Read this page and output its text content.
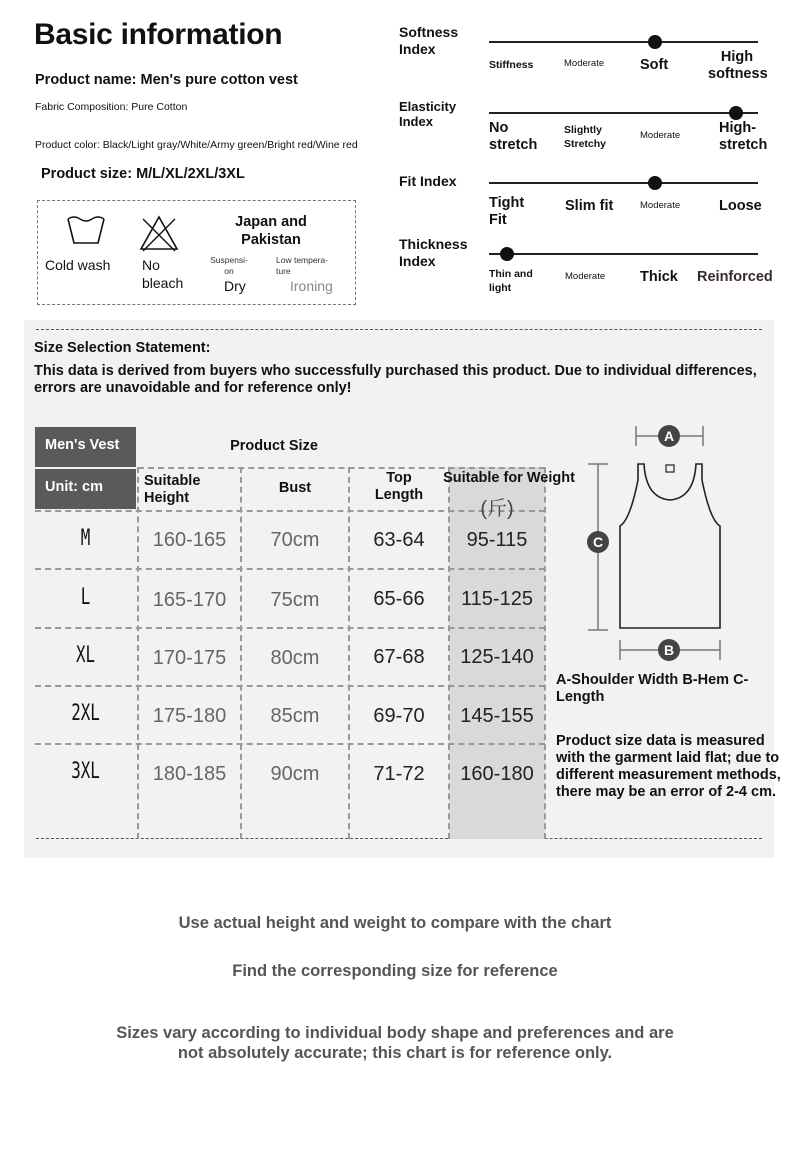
Basic information
Product name: Men's pure cotton vest
Fabric Composition: Pure Cotton
Product color: Black/Light gray/White/Army green/Bright red/Wine red
Product size: M/L/XL/2XL/3XL
Cold wash No
bleach
Japan and Pakistan
Suspensi-
on
Dry
Low tempera-
ture
Ironing
Softness
Index
Stiffness	Moderate Soft	High
softness
Elasticity
Index	No
stretch
Slightly
Stretchy
Moderate	High-
stretch
Fit Index
Tight
Fit
Slim fit	Moderate	Loose
Thickness
Index
Thin and
light
Moderate Thick Reinforced
Size Selection Statement:
This data is derived from buyers who successfully purchased this product. Due to individual differences, errors are unavoidable and for reference only!
Men's Vest
Unit: cm
Product Size
Suitable
Height
Bust
Top
Length
Suitable for Weight
(斤)
M	160-165	70cm	63-64	95-115
L	165-170	75cm	65-66	115-125
XL	170-175	80cm	67-68	125-140
2XL	175-180	85cm	69-70	145-155
3XL	180-185	90cm	71-72	160-180
A
C
B
A-Shoulder Width B-Hem C-Length
Product size data is measured with the garment laid flat; due to different measurement methods, there may be an error of 2-4 cm.
Use actual height and weight to compare with the chart
Find the corresponding size for reference
Sizes vary according to individual body shape and preferences and are
not absolutely accurate; this chart is for reference only.
